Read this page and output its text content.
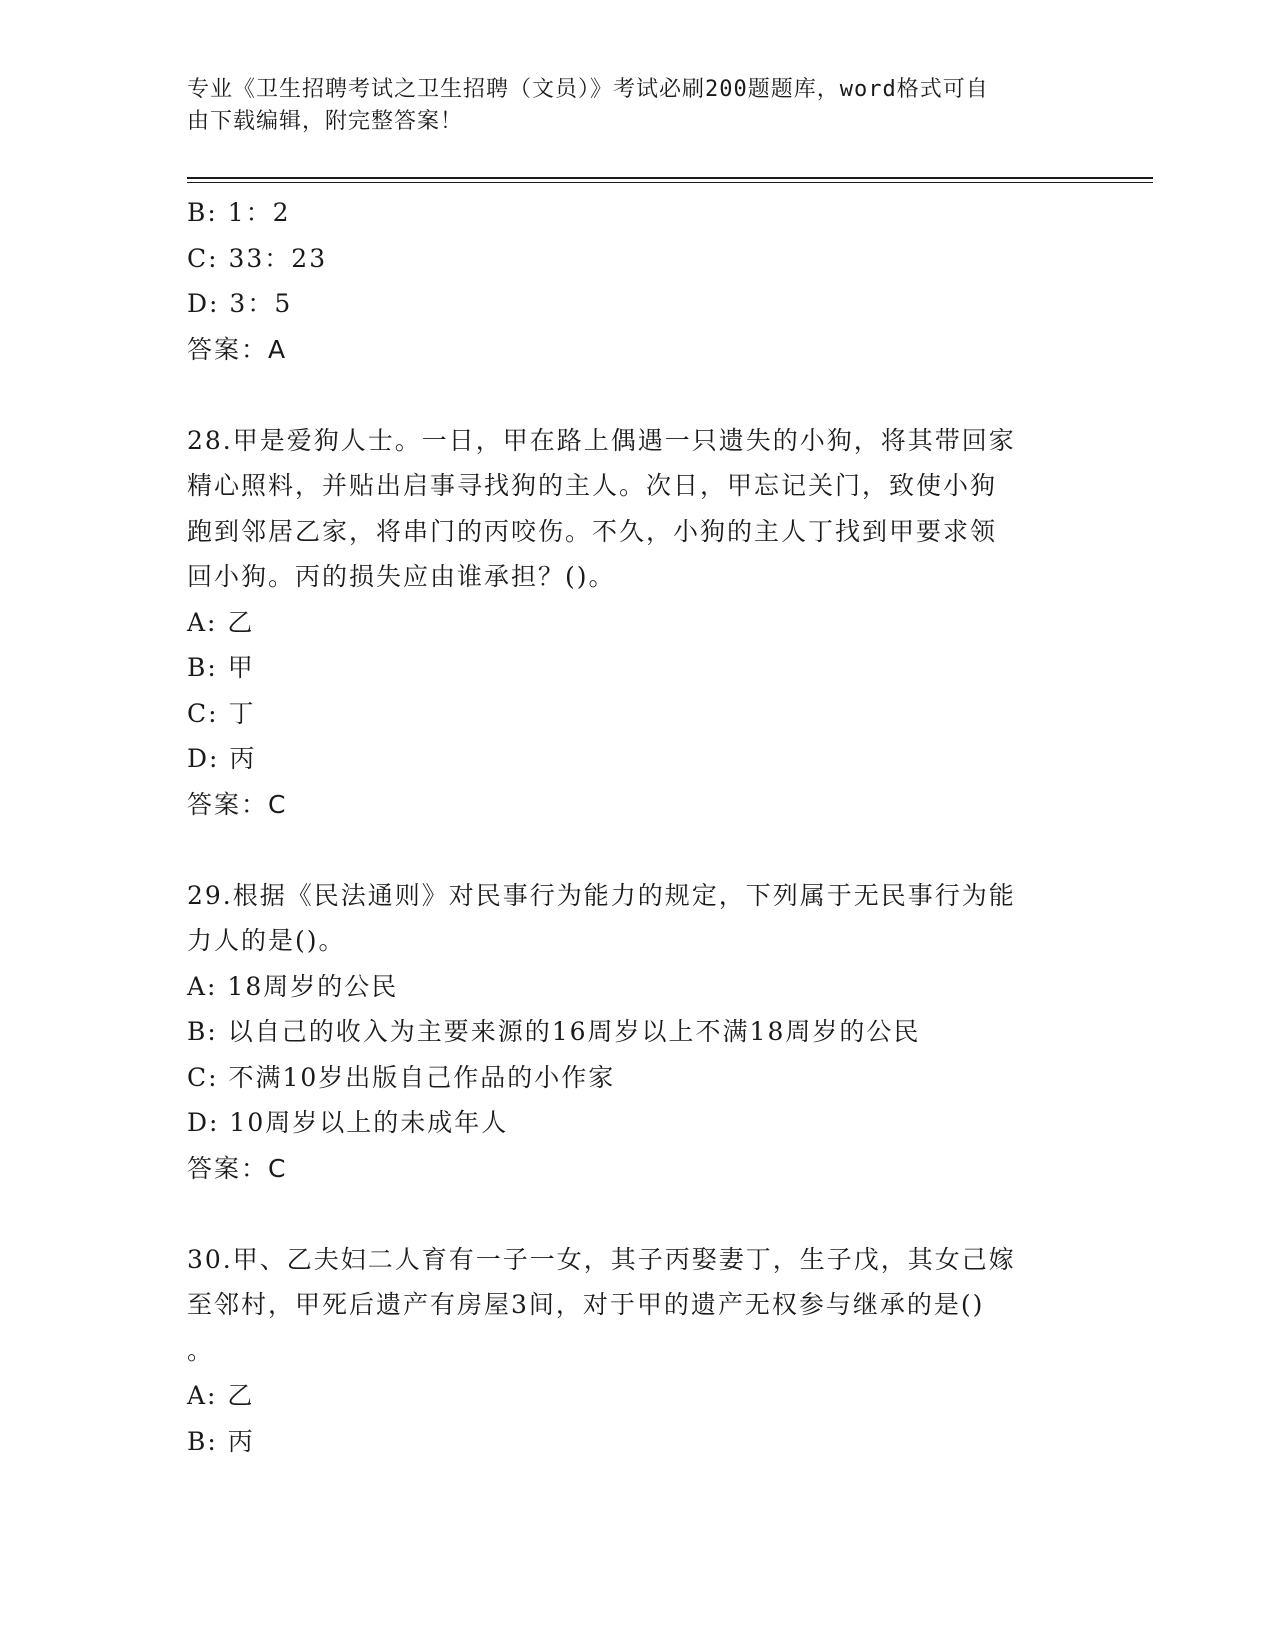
专业《卫生招聘考试之卫生招聘（文员）》考试必刷200题题库，word格式可自
由下载编辑，附完整答案！
B: 1：2
C: 33：23
D: 3：5
答案：A
28.甲是爱狗人士。一日，甲在路上偶遇一只遗失的小狗，将其带回家
精心照料，并贴出启事寻找狗的主人。次日，甲忘记关门，致使小狗
跑到邻居乙家，将串门的丙咬伤。不久，小狗的主人丁找到甲要求领
回小狗。丙的损失应由谁承担？()。
A: 乙
B: 甲
C: 丁
D: 丙
答案：C
29.根据《民法通则》对民事行为能力的规定，下列属于无民事行为能
力人的是()。
A: 18周岁的公民
B: 以自己的收入为主要来源的16周岁以上不满18周岁的公民
C: 不满10岁出版自己作品的小作家
D: 10周岁以上的未成年人
答案：C
30.甲、乙夫妇二人育有一子一女，其子丙娶妻丁，生子戊，其女己嫁
至邻村，甲死后遗产有房屋3间，对于甲的遗产无权参与继承的是()
。
A: 乙
B: 丙
